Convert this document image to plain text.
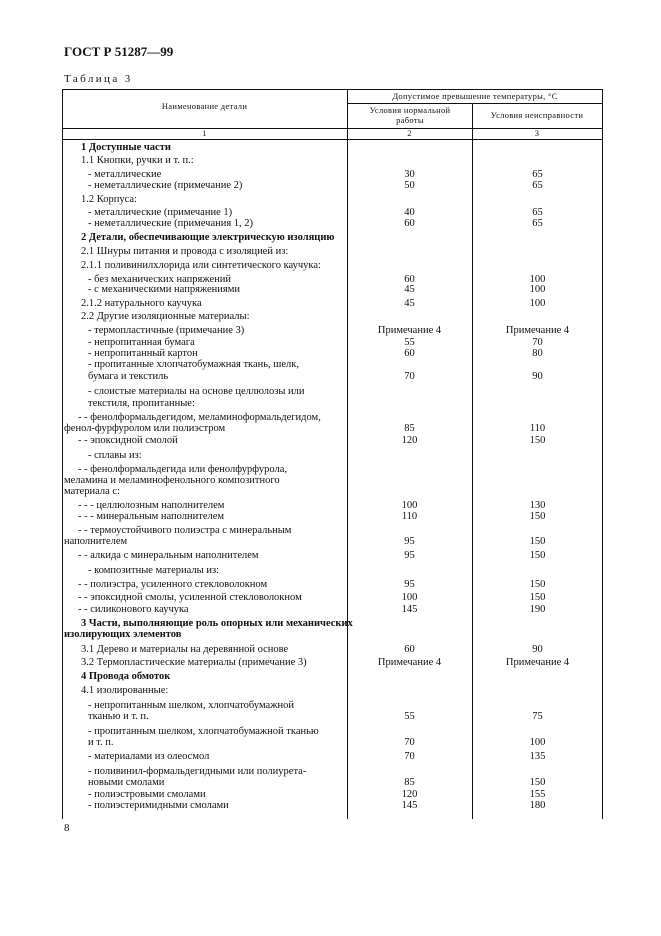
ГОСТ Р 51287—99
Таблица 3
Наименование детали
Допустимое превышение температуры, °С
Условия нормальной работы	Условия неисправности
1	2	3
1 Доступные части
1.1 Кнопки, ручки и т. п.:
- металлические	30	65
- неметаллические (примечание 2)	50	65
1.2 Корпуса:
- металлические (примечание 1)	40	65
- неметаллические (примечания 1, 2)	60	65
2 Детали, обеспечивающие электрическую изоляцию
2.1 Шнуры питания и провода с изоляцией из:
2.1.1 поливинилхлорида или синтетического каучука:
- без механических напряжений	60	100
- с механическими напряжениями	45	100
2.1.2 натурального каучука	45	100
2.2 Другие изоляционные материалы:
- термопластичные (примечание 3)	Примечание 4	Примечание 4
- непропитанная бумага	55	70
- непропитанный картон	60	80
- пропитанные хлопчатобумажная ткань, шелк,
бумага и текстиль	70	90
- слоистые материалы на основе целлюлозы или
текстиля, пропитанные:
- - фенолформальдегидом, меламиноформальдегидом,
фенол-фурфуролом или полиэстром	85	110
- - эпоксидной смолой	120	150
- сплавы из:
- - фенолформальдегида или фенолфурфурола,
меламина и меламинофенольного композитного
материала с:
- - - целлюлозным наполнителем	100	130
- - - минеральным наполнителем	110	150
- - термоустойчивого полиэстра с минеральным
наполнителем	95	150
- - алкида с минеральным наполнителем	95	150
- композитные материалы из:
- - полиэстра, усиленного стекловолокном	95	150
- - эпоксидной смолы, усиленной стекловолокном	100	150
- - силиконового каучука	145	190
3 Части, выполняющие роль опорных или механических
изолирующих элементов
3.1 Дерево и материалы на деревянной основе	60	90
3.2 Термопластические материалы (примечание 3)	Примечание 4	Примечание 4
4 Провода обмоток
4.1 изолированные:
- непропитанным шелком, хлопчатобумажной
тканью и т. п.	55	75
- пропитанным шелком, хлопчатобумажной тканью
и т. п.	70	100
- материалами из олеосмол	70	135
- поливинил-формальдегидными или полиурета-
новыми смолами	85	150
- полиэстровыми смолами	120	155
- полиэстеримидными смолами	145	180
8
